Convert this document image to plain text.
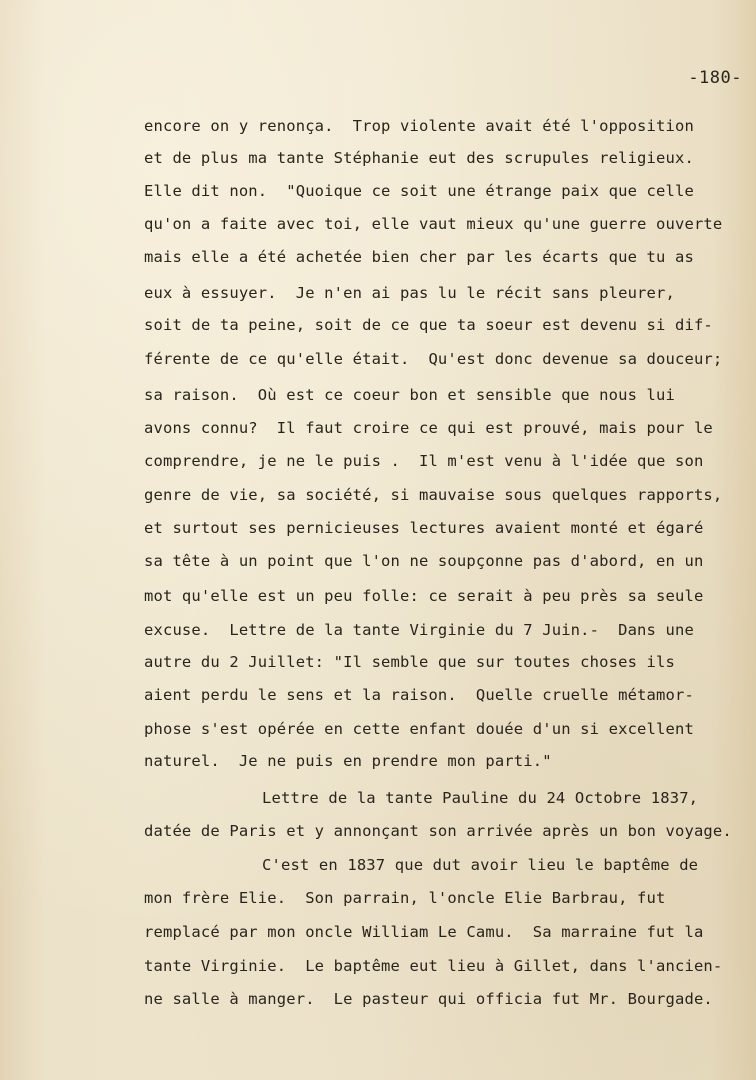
-180-
encore on y renonça.  Trop violente avait été l'opposition
et de plus ma tante Stéphanie eut des scrupules religieux.
Elle dit non.  "Quoique ce soit une étrange paix que celle
qu'on a faite avec toi, elle vaut mieux qu'une guerre ouverte
mais elle a été achetée bien cher par les écarts que tu as
eux à essuyer.  Je n'en ai pas lu le récit sans pleurer,
soit de ta peine, soit de ce que ta soeur est devenu si dif-
férente de ce qu'elle était.  Qu'est donc devenue sa douceur;
sa raison.  Où est ce coeur bon et sensible que nous lui
avons connu?  Il faut croire ce qui est prouvé, mais pour le
comprendre, je ne le puis .  Il m'est venu à l'idée que son
genre de vie, sa société, si mauvaise sous quelques rapports,
et surtout ses pernicieuses lectures avaient monté et égaré
sa tête à un point que l'on ne soupçonne pas d'abord, en un
mot qu'elle est un peu folle: ce serait à peu près sa seule
excuse.  Lettre de la tante Virginie du 7 Juin.-  Dans une
autre du 2 Juillet: "Il semble que sur toutes choses ils
aient perdu le sens et la raison.  Quelle cruelle métamor-
phose s'est opérée en cette enfant douée d'un si excellent
naturel.  Je ne puis en prendre mon parti."
Lettre de la tante Pauline du 24 Octobre 1837,
datée de Paris et y annonçant son arrivée après un bon voyage.
C'est en 1837 que dut avoir lieu le baptême de
mon frère Elie.  Son parrain, l'oncle Elie Barbrau, fut
remplacé par mon oncle William Le Camu.  Sa marraine fut la
tante Virginie.  Le baptême eut lieu à Gillet, dans l'ancien-
ne salle à manger.  Le pasteur qui officia fut Mr. Bourgade.
